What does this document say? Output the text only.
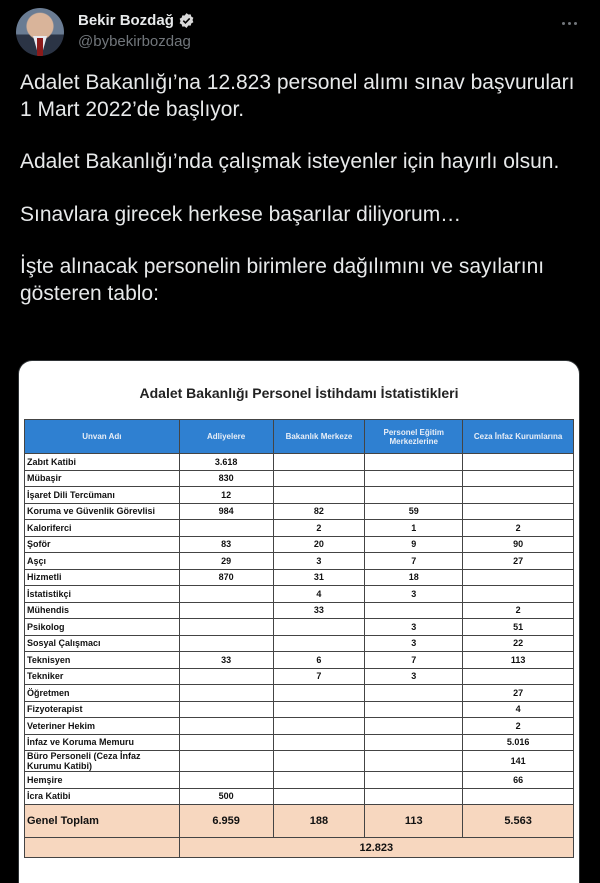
Bekir Bozdağ
@bybekirbozdag

Adalet Bakanlığı’na 12.823 personel alımı sınav başvuruları 1 Mart 2022’de başlıyor.

Adalet Bakanlığı’nda çalışmak isteyenler için hayırlı olsun.

Sınavlara girecek herkese başarılar diliyorum…

İşte alınacak personelin birimlere dağılımını ve sayılarını gösteren tablo:

Adalet Bakanlığı Personel İstihdamı İstatistikleri
Unvan Adı	Adliyelere	Bakanlık Merkeze	Personel Eğitim Merkezlerine	Ceza İnfaz Kurumlarına
Zabıt Katibi	3.618			
Mübaşir	830			
İşaret Dili Tercümanı	12			
Koruma ve Güvenlik Görevlisi	984	82	59	
Kaloriferci		2	1	2
Şoför	83	20	9	90
Aşçı	29	3	7	27
Hizmetli	870	31	18	
İstatistikçi		4	3	
Mühendis		33		2
Psikolog			3	51
Sosyal Çalışmacı			3	22
Teknisyen	33	6	7	113
Tekniker		7	3	
Öğretmen				27
Fizyoterapist				4
Veteriner Hekim				2
İnfaz ve Koruma Memuru				5.016
Büro Personeli (Ceza İnfaz Kurumu Katibi)				141
Hemşire				66
İcra Katibi	500			
Genel Toplam	6.959	188	113	5.563
	12.823			
